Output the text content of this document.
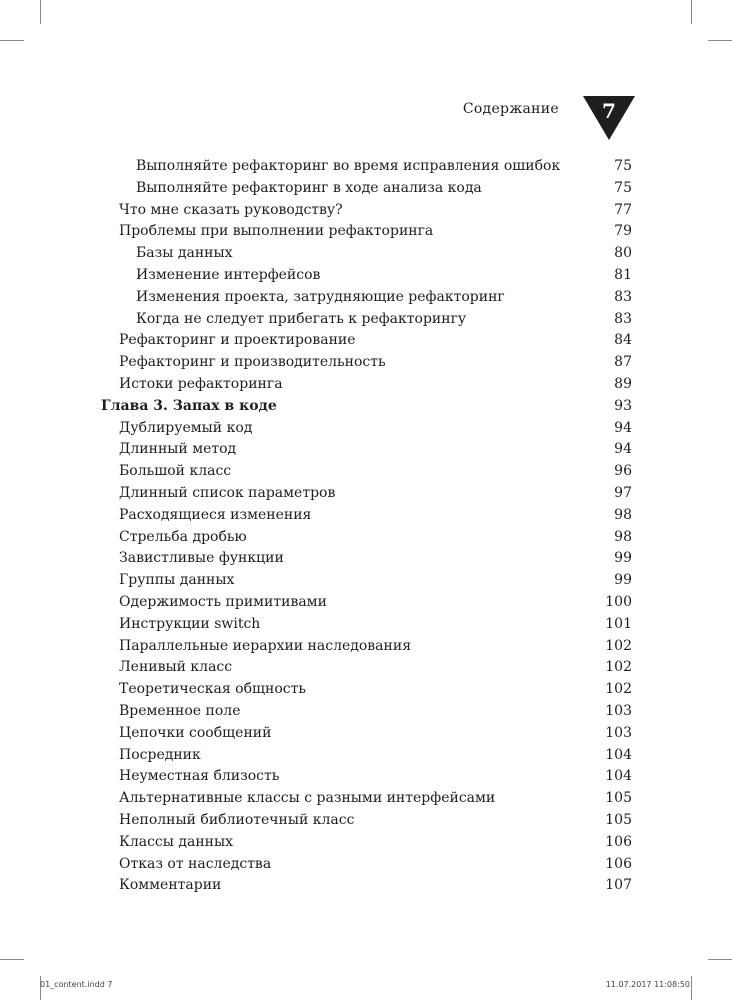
Содержание	7
Выполняйте рефакторинг во время исправления ошибок	75
Выполняйте рефакторинг в ходе анализа кода	75
Что мне сказать руководству?	77
Проблемы при выполнении рефакторинга	79
Базы данных	80
Изменение интерфейсов	81
Изменения проекта, затрудняющие рефакторинг	83
Когда не следует прибегать к рефакторингу	83
Рефакторинг и проектирование	84
Рефакторинг и производительность	87
Истоки рефакторинга	89
Глава 3. Запах в коде	93
Дублируемый код	94
Длинный метод	94
Большой класс	96
Длинный список параметров	97
Расходящиеся изменения	98
Стрельба дробью	98
Завистливые функции	99
Группы данных	99
Одержимость примитивами	100
Инструкции switch	101
Параллельные иерархии наследования	102
Ленивый класс	102
Теоретическая общность	102
Временное поле	103
Цепочки сообщений	103
Посредник	104
Неуместная близость	104
Альтернативные классы с разными интерфейсами	105
Неполный библиотечный класс	105
Классы данных	106
Отказ от наследства	106
Комментарии	107
01_content.indd 7	11.07.2017 11:08:50
